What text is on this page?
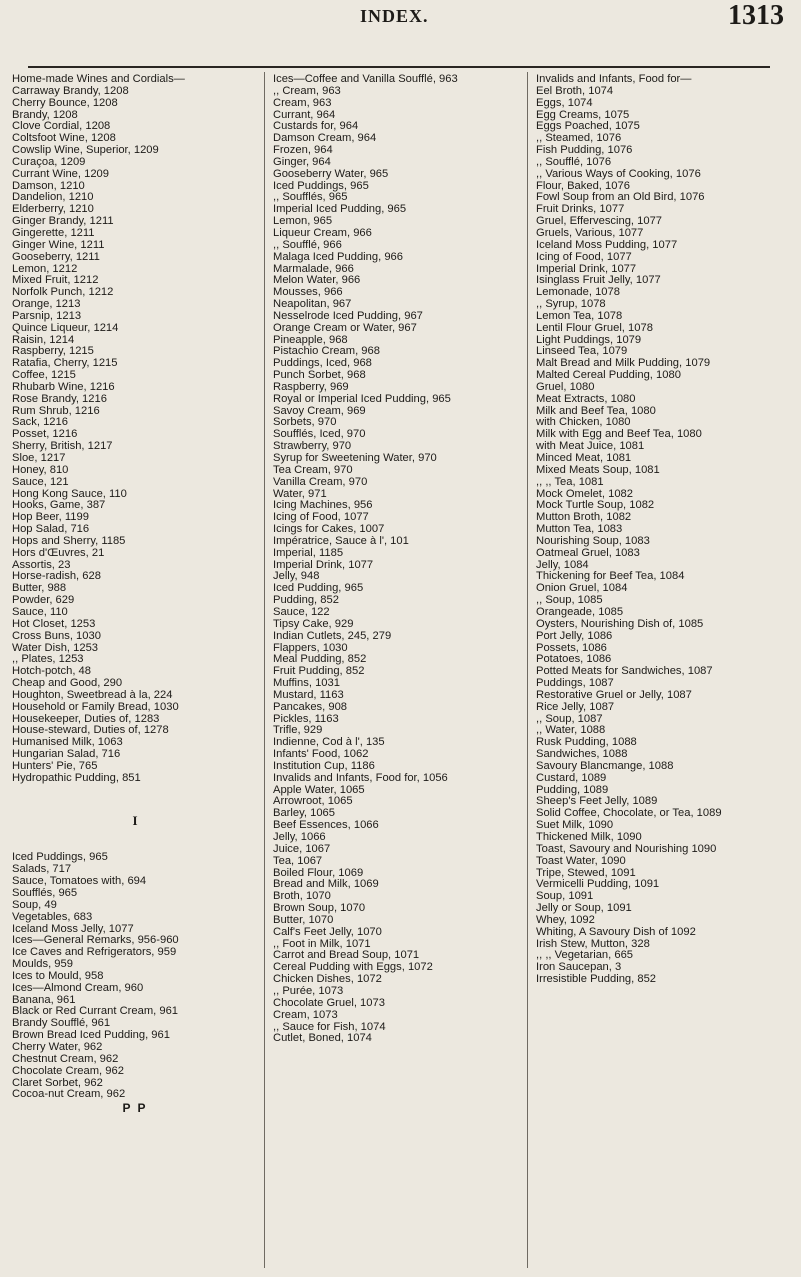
INDEX.	1313
Home-made Wines and Cordials—
Carraway Brandy, 1208
Cherry Bounce, 1208
Brandy, 1208
Clove Cordial, 1208
Coltsfoot Wine, 1208
Cowslip Wine, Superior, 1209
Curaçoa, 1209
Currant Wine, 1209
Damson, 1210
Dandelion, 1210
Elderberry, 1210
Ginger Brandy, 1211
Gingerette, 1211
Ginger Wine, 1211
Gooseberry, 1211
Lemon, 1212
Mixed Fruit, 1212
Norfolk Punch, 1212
Orange, 1213
Parsnip, 1213
Quince Liqueur, 1214
Raisin, 1214
Raspberry, 1215
Ratafia, Cherry, 1215
Coffee, 1215
Rhubarb Wine, 1216
Rose Brandy, 1216
Rum Shrub, 1216
Sack, 1216
Posset, 1216
Sherry, British, 1217
Sloe, 1217
Honey, 810
Sauce, 121
Hong Kong Sauce, 110
Hooks, Game, 387
Hop Beer, 1199
Hop Salad, 716
Hops and Sherry, 1185
Hors d'Œuvres, 21
Assortis, 23
Horse-radish, 628
Butter, 988
Powder, 629
Sauce, 110
Hot Closet, 1253
Cross Buns, 1030
Water Dish, 1253
,, Plates, 1253
Hotch-potch, 48
Cheap and Good, 290
Houghton, Sweetbread à la, 224
Household or Family Bread, 1030
Housekeeper, Duties of, 1283
House-steward, Duties of, 1278
Humanised Milk, 1063
Hungarian Salad, 716
Hunters' Pie, 765
Hydropathic Pudding, 851
I
Iced Puddings, 965
Salads, 717
Sauce, Tomatoes with, 694
Soufflés, 965
Soup, 49
Vegetables, 683
Iceland Moss Jelly, 1077
Ices—General Remarks, 956-960
Ice Caves and Refrigerators, 959
Moulds, 959
Ices to Mould, 958
Ices—Almond Cream, 960
Banana, 961
Black or Red Currant Cream, 961
Brandy Soufflé, 961
Brown Bread Iced Pudding, 961
Cherry Water, 962
Chestnut Cream, 962
Chocolate Cream, 962
Claret Sorbet, 962
Cocoa-nut Cream, 962
P P
Ices—Coffee and Vanilla Soufflé, 963
,, Cream, 963
Cream, 963
Currant, 964
Custards for, 964
Damson Cream, 964
Frozen, 964
Ginger, 964
Gooseberry Water, 965
Iced Puddings, 965
,, Soufflés, 965
Imperial Iced Pudding, 965
Lemon, 965
Liqueur Cream, 966
,, Soufflé, 966
Malaga Iced Pudding, 966
Marmalade, 966
Melon Water, 966
Mousses, 966
Neapolitan, 967
Nesselrode Iced Pudding, 967
Orange Cream or Water, 967
Pineapple, 968
Pistachio Cream, 968
Puddings, Iced, 968
Punch Sorbet, 968
Raspberry, 969
Royal or Imperial Iced Pudding, 965
Savoy Cream, 969
Sorbets, 970
Soufflés, Iced, 970
Strawberry, 970
Syrup for Sweetening Water, 970
Tea Cream, 970
Vanilla Cream, 970
Water, 971
Icing Machines, 956
Icing of Food, 1077
Icings for Cakes, 1007
Impératrice, Sauce à l', 101
Imperial, 1185
Imperial Drink, 1077
Jelly, 948
Iced Pudding, 965
Pudding, 852
Sauce, 122
Tipsy Cake, 929
Indian Cutlets, 245, 279
Flappers, 1030
Meal Pudding, 852
Fruit Pudding, 852
Muffins, 1031
Mustard, 1163
Pancakes, 908
Pickles, 1163
Trifle, 929
Indienne, Cod à l', 135
Infants' Food, 1062
Institution Cup, 1186
Invalids and Infants, Food for, 1056
Apple Water, 1065
Arrowroot, 1065
Barley, 1065
Beef Essences, 1066
Jelly, 1066
Juice, 1067
Tea, 1067
Boiled Flour, 1069
Bread and Milk, 1069
Broth, 1070
Brown Soup, 1070
Butter, 1070
Calf's Feet Jelly, 1070
,, Foot in Milk, 1071
Carrot and Bread Soup, 1071
Cereal Pudding with Eggs, 1072
Chicken Dishes, 1072
,, Purée, 1073
Chocolate Gruel, 1073
Cream, 1073
,, Sauce for Fish, 1074
Cutlet, Boned, 1074
Invalids and Infants, Food for—
Eel Broth, 1074
Eggs, 1074
Egg Creams, 1075
Eggs Poached, 1075
,, Steamed, 1076
Fish Pudding, 1076
,, Soufflé, 1076
,, Various Ways of Cooking, 1076
Flour, Baked, 1076
Fowl Soup from an Old Bird, 1076
Fruit Drinks, 1077
Gruel, Effervescing, 1077
Gruels, Various, 1077
Iceland Moss Pudding, 1077
Icing of Food, 1077
Imperial Drink, 1077
Isinglass Fruit Jelly, 1077
Lemonade, 1078
,, Syrup, 1078
Lemon Tea, 1078
Lentil Flour Gruel, 1078
Light Puddings, 1079
Linseed Tea, 1079
Malt Bread and Milk Pudding, 1079
Malted Cereal Pudding, 1080
Gruel, 1080
Meat Extracts, 1080
Milk and Beef Tea, 1080
with Chicken, 1080
Milk with Egg and Beef Tea, 1080
with Meat Juice, 1081
Minced Meat, 1081
Mixed Meats Soup, 1081
,, ,, Tea, 1081
Mock Omelet, 1082
Mock Turtle Soup, 1082
Mutton Broth, 1082
Mutton Tea, 1083
Nourishing Soup, 1083
Oatmeal Gruel, 1083
Jelly, 1084
Thickening for Beef Tea, 1084
Onion Gruel, 1084
,, Soup, 1085
Orangeade, 1085
Oysters, Nourishing Dish of, 1085
Port Jelly, 1086
Possets, 1086
Potatoes, 1086
Potted Meats for Sandwiches, 1087
Puddings, 1087
Restorative Gruel or Jelly, 1087
Rice Jelly, 1087
,, Soup, 1087
,, Water, 1088
Rusk Pudding, 1088
Sandwiches, 1088
Savoury Blancmange, 1088
Custard, 1089
Pudding, 1089
Sheep's Feet Jelly, 1089
Solid Coffee, Chocolate, or Tea, 1089
Suet Milk, 1090
Thickened Milk, 1090
Toast, Savoury and Nourishing 1090
Toast Water, 1090
Tripe, Stewed, 1091
Vermicelli Pudding, 1091
Soup, 1091
Jelly or Soup, 1091
Whey, 1092
Whiting, A Savoury Dish of 1092
Irish Stew, Mutton, 328
,, ,, Vegetarian, 665
Iron Saucepan, 3
Irresistible Pudding, 852
